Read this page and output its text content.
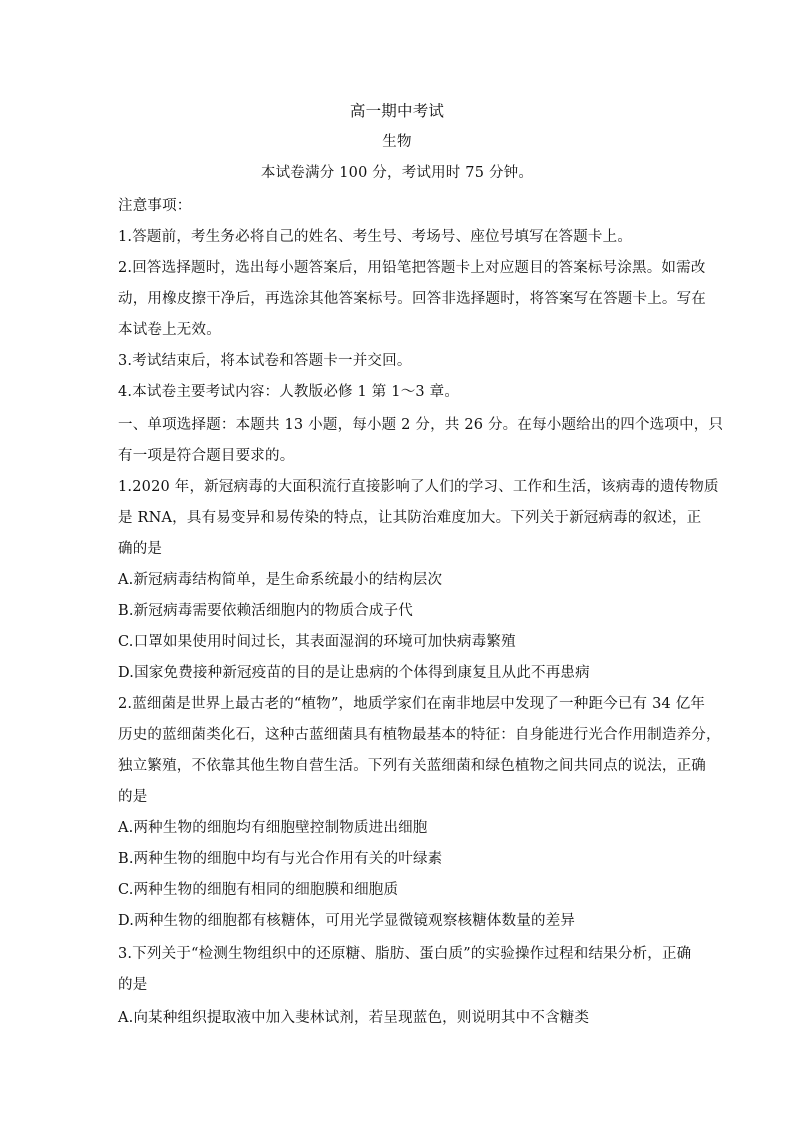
高一期中考试
生物
本试卷满分 100 分，考试用时 75 分钟。
注意事项：
1.答题前，考生务必将自己的姓名、考生号、考场号、座位号填写在答题卡上。
2.回答选择题时，选出每小题答案后，用铅笔把答题卡上对应题目的答案标号涂黑。如需改
动，用橡皮擦干净后，再选涂其他答案标号。回答非选择题时，将答案写在答题卡上。写在
本试卷上无效。
3.考试结束后，将本试卷和答题卡一并交回。
4.本试卷主要考试内容：人教版必修 1 第 1～3 章。
一、单项选择题：本题共 13 小题，每小题 2 分，共 26 分。在每小题给出的四个选项中，只
有一项是符合题目要求的。
1.2020 年，新冠病毒的大面积流行直接影响了人们的学习、工作和生活，该病毒的遗传物质
是 RNA，具有易变异和易传染的特点，让其防治难度加大。下列关于新冠病毒的叙述，正
确的是
A.新冠病毒结构简单，是生命系统最小的结构层次
B.新冠病毒需要依赖活细胞内的物质合成子代
C.口罩如果使用时间过长，其表面湿润的环境可加快病毒繁殖
D.国家免费接种新冠疫苗的目的是让患病的个体得到康复且从此不再患病
2.蓝细菌是世界上最古老的“植物”，地质学家们在南非地层中发现了一种距今已有 34 亿年
历史的蓝细菌类化石，这种古蓝细菌具有植物最基本的特征：自身能进行光合作用制造养分，
独立繁殖，不依靠其他生物自营生活。下列有关蓝细菌和绿色植物之间共同点的说法，正确
的是
A.两种生物的细胞均有细胞壁控制物质进出细胞
B.两种生物的细胞中均有与光合作用有关的叶绿素
C.两种生物的细胞有相同的细胞膜和细胞质
D.两种生物的细胞都有核糖体，可用光学显微镜观察核糖体数量的差异
3.下列关于“检测生物组织中的还原糖、脂肪、蛋白质”的实验操作过程和结果分析，正确
的是
A.向某种组织提取液中加入斐林试剂，若呈现蓝色，则说明其中不含糖类
